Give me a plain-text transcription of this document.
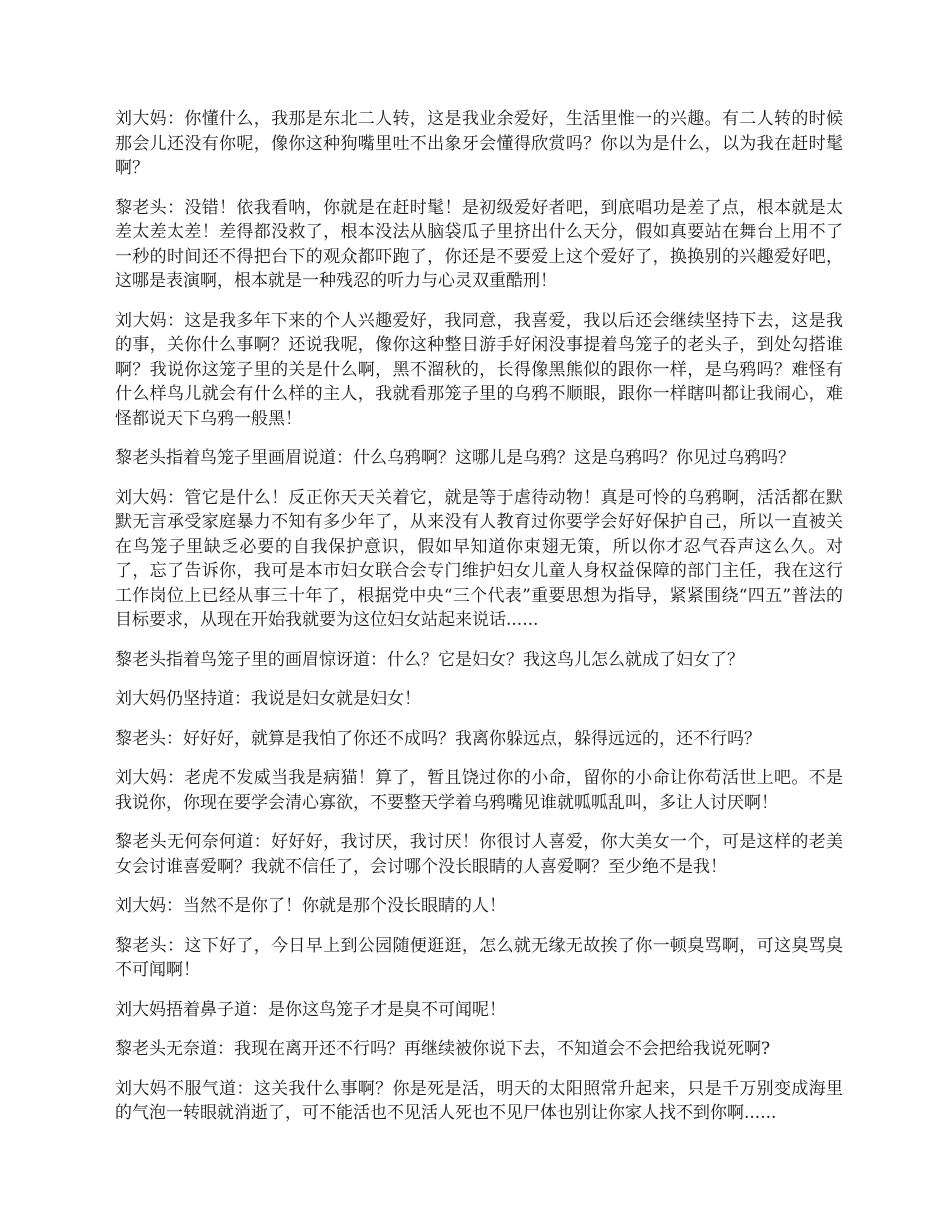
刘大妈：你懂什么，我那是东北二人转，这是我业余爱好，生活里惟一的兴趣。有二人转的时候那会儿还没有你呢，像你这种狗嘴里吐不出象牙会懂得欣赏吗？你以为是什么，以为我在赶时髦啊？

黎老头：没错！依我看呐，你就是在赶时髦！是初级爱好者吧，到底唱功是差了点，根本就是太差太差太差！差得都没救了，根本没法从脑袋瓜子里挤出什么天分，假如真要站在舞台上用不了一秒的时间还不得把台下的观众都吓跑了，你还是不要爱上这个爱好了，换换别的兴趣爱好吧，这哪是表演啊，根本就是一种残忍的听力与心灵双重酷刑！

刘大妈：这是我多年下来的个人兴趣爱好，我同意，我喜爱，我以后还会继续坚持下去，这是我的事，关你什么事啊？还说我呢，像你这种整日游手好闲没事提着鸟笼子的老头子，到处勾搭谁啊？我说你这笼子里的关是什么啊，黑不溜秋的，长得像黑熊似的跟你一样，是乌鸦吗？难怪有什么样鸟儿就会有什么样的主人，我就看那笼子里的乌鸦不顺眼，跟你一样瞎叫都让我闹心，难怪都说天下乌鸦一般黑！

黎老头指着鸟笼子里画眉说道：什么乌鸦啊？这哪儿是乌鸦？这是乌鸦吗？你见过乌鸦吗？

刘大妈：管它是什么！反正你天天关着它，就是等于虐待动物！真是可怜的乌鸦啊，活活都在默默无言承受家庭暴力不知有多少年了，从来没有人教育过你要学会好好保护自己，所以一直被关在鸟笼子里缺乏必要的自我保护意识，假如早知道你束翅无策，所以你才忍气吞声这么久。对了，忘了告诉你，我可是本市妇女联合会专门维护妇女儿童人身权益保障的部门主任，我在这行工作岗位上已经从事三十年了，根据党中央“三个代表”重要思想为指导，紧紧围绕“四五”普法的目标要求，从现在开始我就要为这位妇女站起来说话......

黎老头指着鸟笼子里的画眉惊讶道：什么？它是妇女？我这鸟儿怎么就成了妇女了？

刘大妈仍坚持道：我说是妇女就是妇女！

黎老头：好好好，就算是我怕了你还不成吗？我离你躲远点，躲得远远的，还不行吗？

刘大妈：老虎不发威当我是病猫！算了，暂且饶过你的小命，留你的小命让你苟活世上吧。不是我说你，你现在要学会清心寡欲，不要整天学着乌鸦嘴见谁就呱呱乱叫，多让人讨厌啊！

黎老头无何奈何道：好好好，我讨厌，我讨厌！你很讨人喜爱，你大美女一个，可是这样的老美女会讨谁喜爱啊？我就不信任了，会讨哪个没长眼睛的人喜爱啊？至少绝不是我！

刘大妈：当然不是你了！你就是那个没长眼睛的人！

黎老头：这下好了，今日早上到公园随便逛逛，怎么就无缘无故挨了你一顿臭骂啊，可这臭骂臭不可闻啊！

刘大妈捂着鼻子道：是你这鸟笼子才是臭不可闻呢！

黎老头无奈道：我现在离开还不行吗？再继续被你说下去，不知道会不会把给我说死啊?

刘大妈不服气道：这关我什么事啊？你是死是活，明天的太阳照常升起来，只是千万别变成海里的气泡一转眼就消逝了，可不能活也不见活人死也不见尸体也别让你家人找不到你啊......
